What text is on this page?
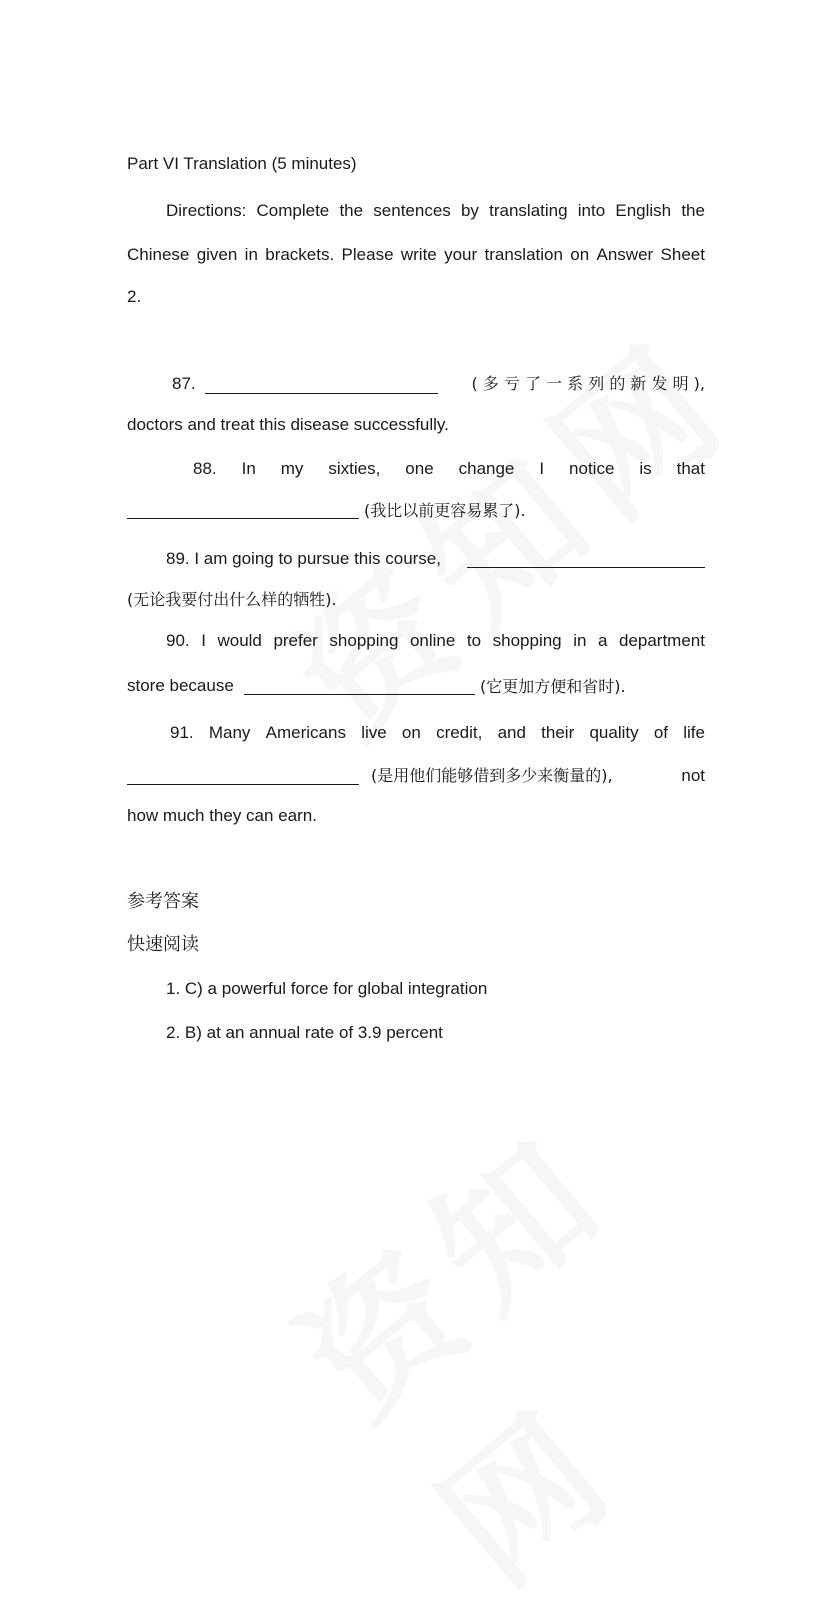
Part VI Translation (5 minutes)
Directions: Complete the sentences by translating into English the
Chinese given in brackets. Please write your translation on Answer Sheet
2.
87.	( 多 亏 了 一 系 列 的 新 发 明 ),
doctors and treat this disease successfully.
88. In my sixties, one change I notice is that
(我比以前更容易累了).
89. I am going to pursue this course,
(无论我要付出什么样的牺牲).
90. I would prefer shopping online to shopping in a department
store because	(它更加方便和省时).
91. Many Americans live on credit, and their quality of life
(是用他们能够借到多少来衡量的),	not
how much they can earn.
参考答案
快速阅读
1. C) a powerful force for global integration
2. B) at an annual rate of 3.9 percent
